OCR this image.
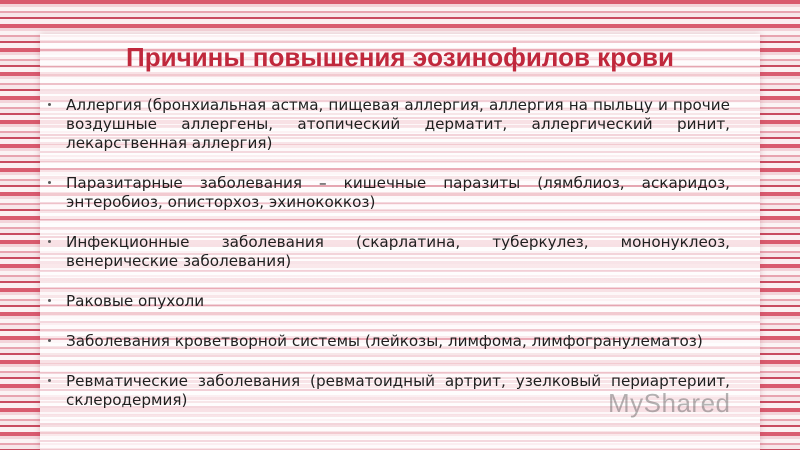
Причины повышения эозинофилов крови
Аллергия (бронхиальная астма, пищевая аллергия, аллергия на пыльцу и прочие воздушные аллергены, атопический дерматит, аллергический ринит, лекарственная аллергия)
Паразитарные заболевания – кишечные паразиты (лямблиоз, аскаридоз, энтеробиоз, описторхоз, эхинококкоз)
Инфекционные заболевания (скарлатина, туберкулез, мононуклеоз, венерические заболевания)
Раковые опухоли
Заболевания кроветворной системы (лейкозы, лимфома, лимфогранулематоз)
Ревматические заболевания (ревматоидный артрит, узелковый периартериит, склеродермия)	MyShared
